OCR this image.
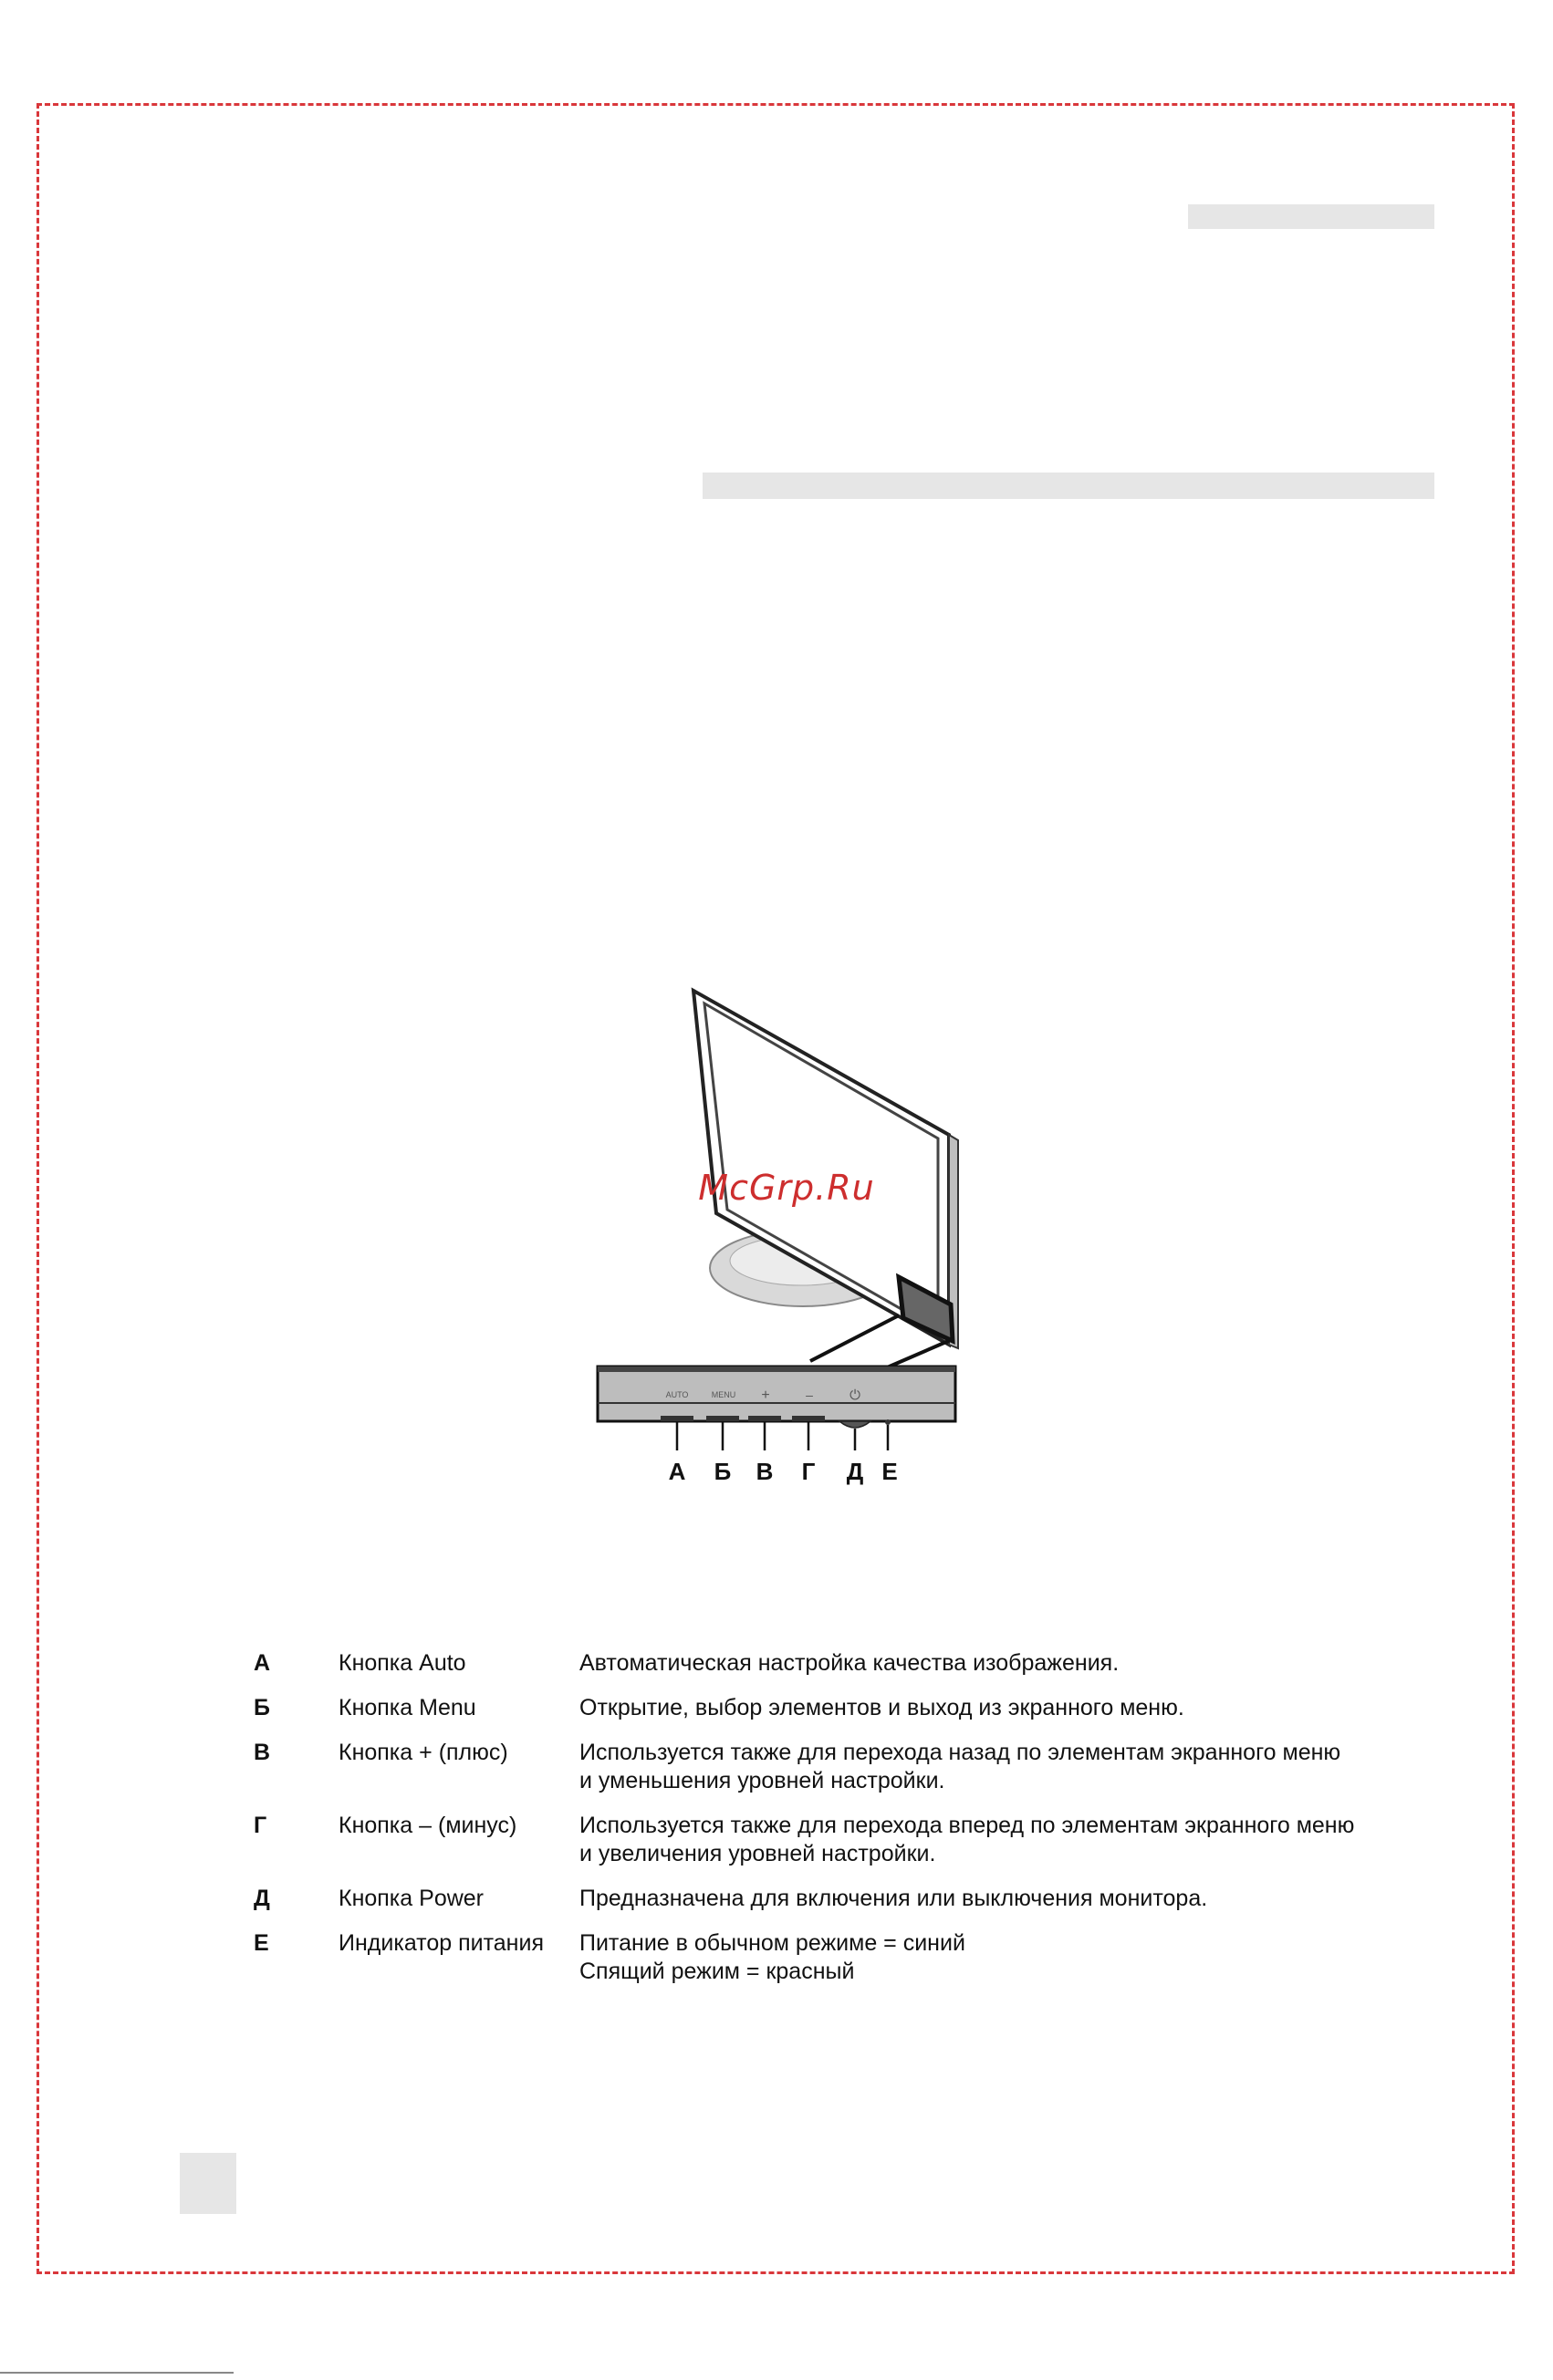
AUTO	MENU +	–	⏻
А Б В Г Д Е
McGrp.Ru
А	Кнопка Auto	Автоматическая настройка качества изображения.
Б	Кнопка Menu	Открытие, выбор элементов и выход из экранного меню.
В	Кнопка + (плюс)	Используется также для перехода назад по элементам экранного меню
и уменьшения уровней настройки.
Г	Кнопка – (минус)	Используется также для перехода вперед по элементам экранного меню
и увеличения уровней настройки.
Д	Кнопка Power	Предназначена для включения или выключения монитора.
Е	Индикатор питания	Питание в обычном режиме = синий
Спящий режим = красный
